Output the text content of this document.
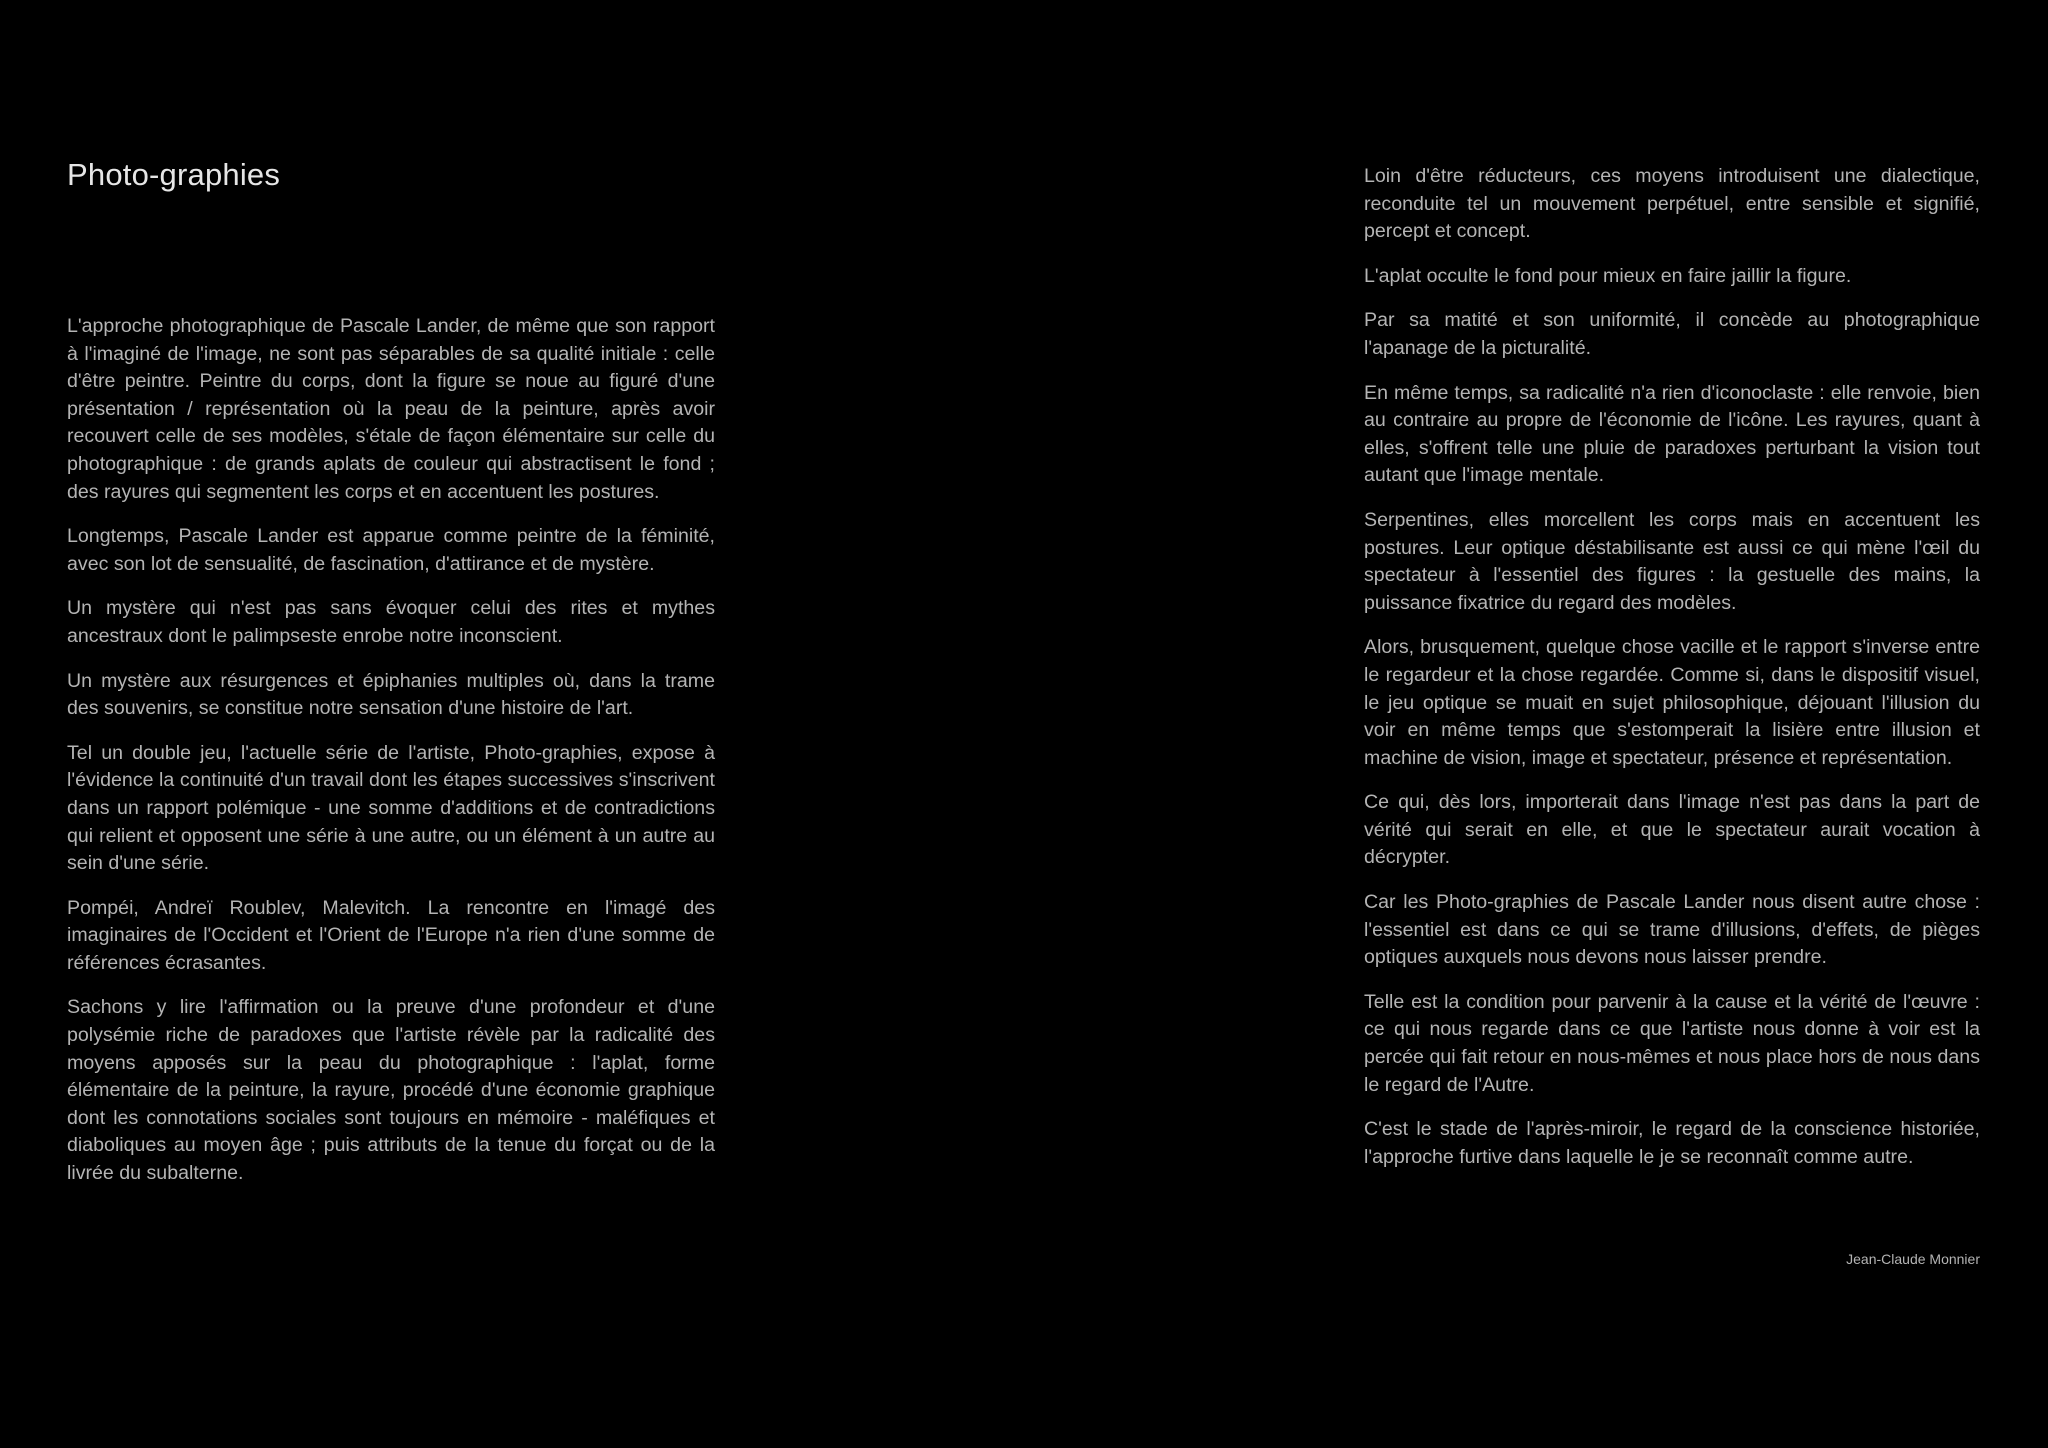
Photo-graphies

L'approche photographique de Pascale Lander, de même que son rapport à l'imaginé de l'image, ne sont pas séparables de sa qualité initiale : celle d'être peintre. Peintre du corps, dont la figure se noue au figuré d'une présentation / représentation où la peau de la peinture, après avoir recouvert celle de ses modèles, s'étale de façon élémentaire sur celle du photographique : de grands aplats de couleur qui abstractisent le fond ; des rayures qui segmentent les corps et en accentuent les postures.

Longtemps, Pascale Lander est apparue comme peintre de la féminité, avec son lot de sensualité, de fascination, d'attirance et de mystère.

Un mystère qui n'est pas sans évoquer celui des rites et mythes ancestraux dont le palimpseste enrobe notre inconscient.

Un mystère aux résurgences et épiphanies multiples où, dans la trame des souvenirs, se constitue notre sensation d'une histoire de l'art.

Tel un double jeu, l'actuelle série de l'artiste, Photo-graphies, expose à l'évidence la continuité d'un travail dont les étapes successives s'inscrivent dans un rapport polémique - une somme d'additions et de contradictions qui relient et opposent une série à une autre, ou un élément à un autre au sein d'une série.

Pompéi, Andreï Roublev, Malevitch. La rencontre en l'imagé des imaginaires de l'Occident et l'Orient de l'Europe n'a rien d'une somme de références écrasantes.

Sachons y lire l'affirmation ou la preuve d'une profondeur et d'une polysémie riche de paradoxes que l'artiste révèle par la radicalité des moyens apposés sur la peau du photographique : l'aplat, forme élémentaire de la peinture, la rayure, procédé d'une économie graphique dont les connotations sociales sont toujours en mémoire - maléfiques et diaboliques au moyen âge ; puis attributs de la tenue du forçat ou de la livrée du subalterne.

Loin d'être réducteurs, ces moyens introduisent une dialectique, reconduite tel un mouvement perpétuel, entre sensible et signifié, percept et concept.

L'aplat occulte le fond pour mieux en faire jaillir la figure.

Par sa matité et son uniformité, il concède au photographique l'apanage de la picturalité.

En même temps, sa radicalité n'a rien d'iconoclaste : elle renvoie, bien au contraire au propre de l'économie de l'icône. Les rayures, quant à elles, s'offrent telle une pluie de paradoxes perturbant la vision tout autant que l'image mentale.

Serpentines, elles morcellent les corps mais en accentuent les postures. Leur optique déstabilisante est aussi ce qui mène l'œil du spectateur à l'essentiel des figures : la gestuelle des mains, la puissance fixatrice du regard des modèles.

Alors, brusquement, quelque chose vacille et le rapport s'inverse entre le regardeur et la chose regardée. Comme si, dans le dispositif visuel, le jeu optique se muait en sujet philosophique, déjouant l'illusion du voir en même temps que s'estomperait la lisière entre illusion et machine de vision, image et spectateur, présence et représentation.

Ce qui, dès lors, importerait dans l'image n'est pas dans la part de vérité qui serait en elle, et que le spectateur aurait vocation à décrypter.

Car les Photo-graphies de Pascale Lander nous disent autre chose : l'essentiel est dans ce qui se trame d'illusions, d'effets, de pièges optiques auxquels nous devons nous laisser prendre.

Telle est la condition pour parvenir à la cause et la vérité de l'œuvre : ce qui nous regarde dans ce que l'artiste nous donne à voir est la percée qui fait retour en nous-mêmes et nous place hors de nous dans le regard de l'Autre.

C'est le stade de l'après-miroir, le regard de la conscience historiée, l'approche furtive dans laquelle le je se reconnaît comme autre.

Jean-Claude Monnier
